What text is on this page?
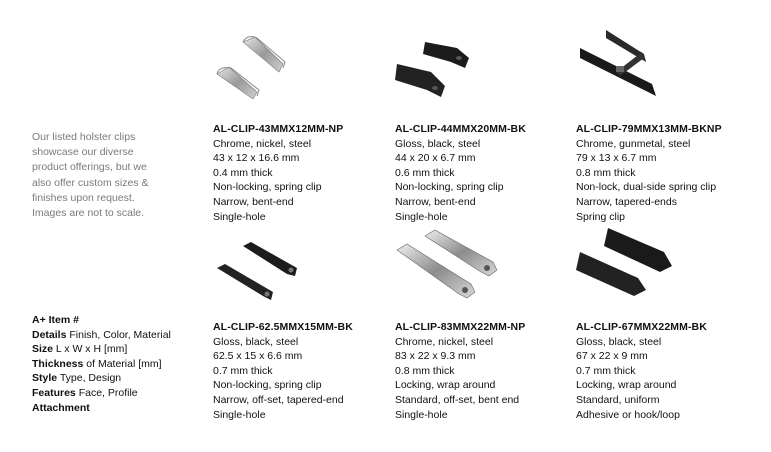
Our listed holster clips
showcase our diverse
product offerings, but we
also offer custom sizes &
finishes upon request.
Images are not to scale.
A+ Item #
Details Finish, Color, Material
Size L x W x H [mm]
Thickness of Material [mm]
Style Type, Design
Features Face, Profile
Attachment
AL-CLIP-43MMX12MM-NP
Chrome, nickel, steel
43 x 12 x 16.6 mm
0.4 mm thick
Non-locking, spring clip
Narrow, bent-end
Single-hole
AL-CLIP-44MMX20MM-BK
Gloss, black, steel
44 x 20 x 6.7 mm
0.6 mm thick
Non-locking, spring clip
Narrow, bent-end
Single-hole
AL-CLIP-79MMX13MM-BKNP
Chrome, gunmetal, steel
79 x 13 x 6.7 mm
0.8 mm thick
Non-lock, dual-side spring clip
Narrow, tapered-ends
Spring clip
AL-CLIP-62.5MMX15MM-BK
Gloss, black, steel
62.5 x 15 x 6.6 mm
0.7 mm thick
Non-locking, spring clip
Narrow, off-set, tapered-end
Single-hole
AL-CLIP-83MMX22MM-NP
Chrome, nickel, steel
83 x 22 x 9.3 mm
0.8 mm thick
Locking, wrap around
Standard, off-set, bent end
Single-hole
AL-CLIP-67MMX22MM-BK
Gloss, black, steel
67 x 22 x 9 mm
0.7 mm thick
Locking, wrap around
Standard, uniform
Adhesive or hook/loop
